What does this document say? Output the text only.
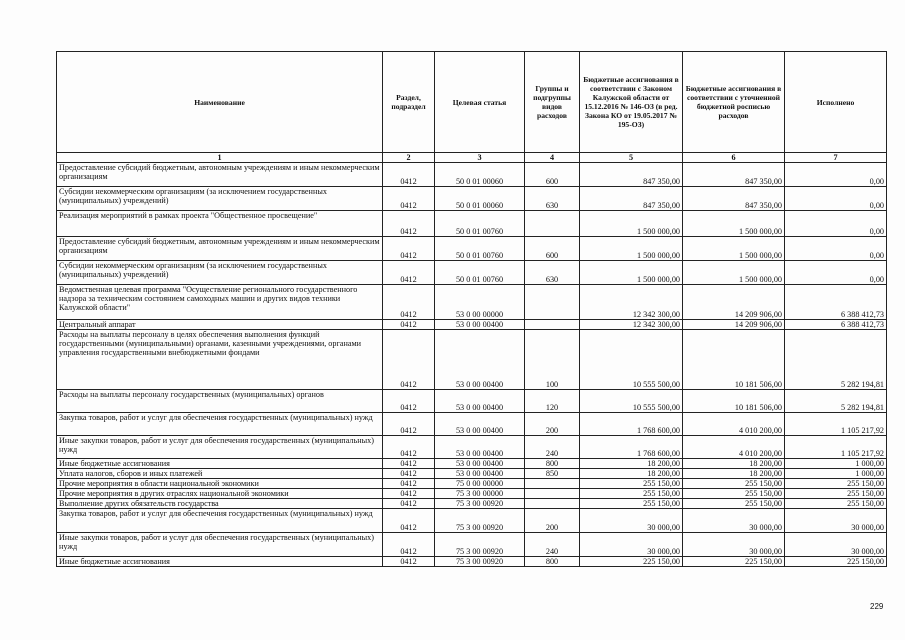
Наименование	Раздел, подраздел	Целевая статья	Группы и подгруппы видов расходов	Бюджетные ассигнования в соответствии с Законом Калужской области от 15.12.2016 № 146-ОЗ (в ред. Закона КО от 19.05.2017 № 195-ОЗ)	Бюджетные ассигнования в соответствии с уточненной бюджетной росписью расходов	Исполнено
1	2	3	4	5	6	7
Предоставление субсидий бюджетным, автономным учреждениям и иным некоммерческим организациям	0412	50 0 01 00060	600	847 350,00	847 350,00	0,00
Субсидии некоммерческим организациям (за исключением государственных (муниципальных) учреждений)	0412	50 0 01 00060	630	847 350,00	847 350,00	0,00
Реализация мероприятий в рамках проекта "Общественное просвещение"	0412	50 0 01 00760		1 500 000,00	1 500 000,00	0,00
Предоставление субсидий бюджетным, автономным учреждениям и иным некоммерческим организациям	0412	50 0 01 00760	600	1 500 000,00	1 500 000,00	0,00
Субсидии некоммерческим организациям (за исключением государственных (муниципальных) учреждений)	0412	50 0 01 00760	630	1 500 000,00	1 500 000,00	0,00
Ведомственная целевая программа "Осуществление регионального государственного надзора за техническим состоянием самоходных машин и других видов техники Калужской области"	0412	53 0 00 00000		12 342 300,00	14 209 906,00	6 388 412,73
Центральный аппарат	0412	53 0 00 00400		12 342 300,00	14 209 906,00	6 388 412,73
Расходы на выплаты персоналу в целях обеспечения выполнения функций государственными (муниципальными) органами, казенными учреждениями, органами управления государственными внебюджетными фондами	0412	53 0 00 00400	100	10 555 500,00	10 181 506,00	5 282 194,81
Расходы на выплаты персоналу государственных (муниципальных) органов	0412	53 0 00 00400	120	10 555 500,00	10 181 506,00	5 282 194,81
Закупка товаров, работ и услуг для обеспечения государственных (муниципальных) нужд	0412	53 0 00 00400	200	1 768 600,00	4 010 200,00	1 105 217,92
Иные закупки товаров, работ и услуг для обеспечения государственных (муниципальных) нужд	0412	53 0 00 00400	240	1 768 600,00	4 010 200,00	1 105 217,92
Иные бюджетные ассигнования	0412	53 0 00 00400	800	18 200,00	18 200,00	1 000,00
Уплата налогов, сборов и иных платежей	0412	53 0 00 00400	850	18 200,00	18 200,00	1 000,00
Прочие мероприятия в области национальной экономики	0412	75 0 00 00000		255 150,00	255 150,00	255 150,00
Прочие мероприятия в других отраслях национальной экономики	0412	75 3 00 00000		255 150,00	255 150,00	255 150,00
Выполнение других обязательств государства	0412	75 3 00 00920		255 150,00	255 150,00	255 150,00
Закупка товаров, работ и услуг для обеспечения государственных (муниципальных) нужд	0412	75 3 00 00920	200	30 000,00	30 000,00	30 000,00
Иные закупки товаров, работ и услуг для обеспечения государственных (муниципальных) нужд	0412	75 3 00 00920	240	30 000,00	30 000,00	30 000,00
Иные бюджетные ассигнования	0412	75 3 00 00920	800	225 150,00	225 150,00	225 150,00
229
